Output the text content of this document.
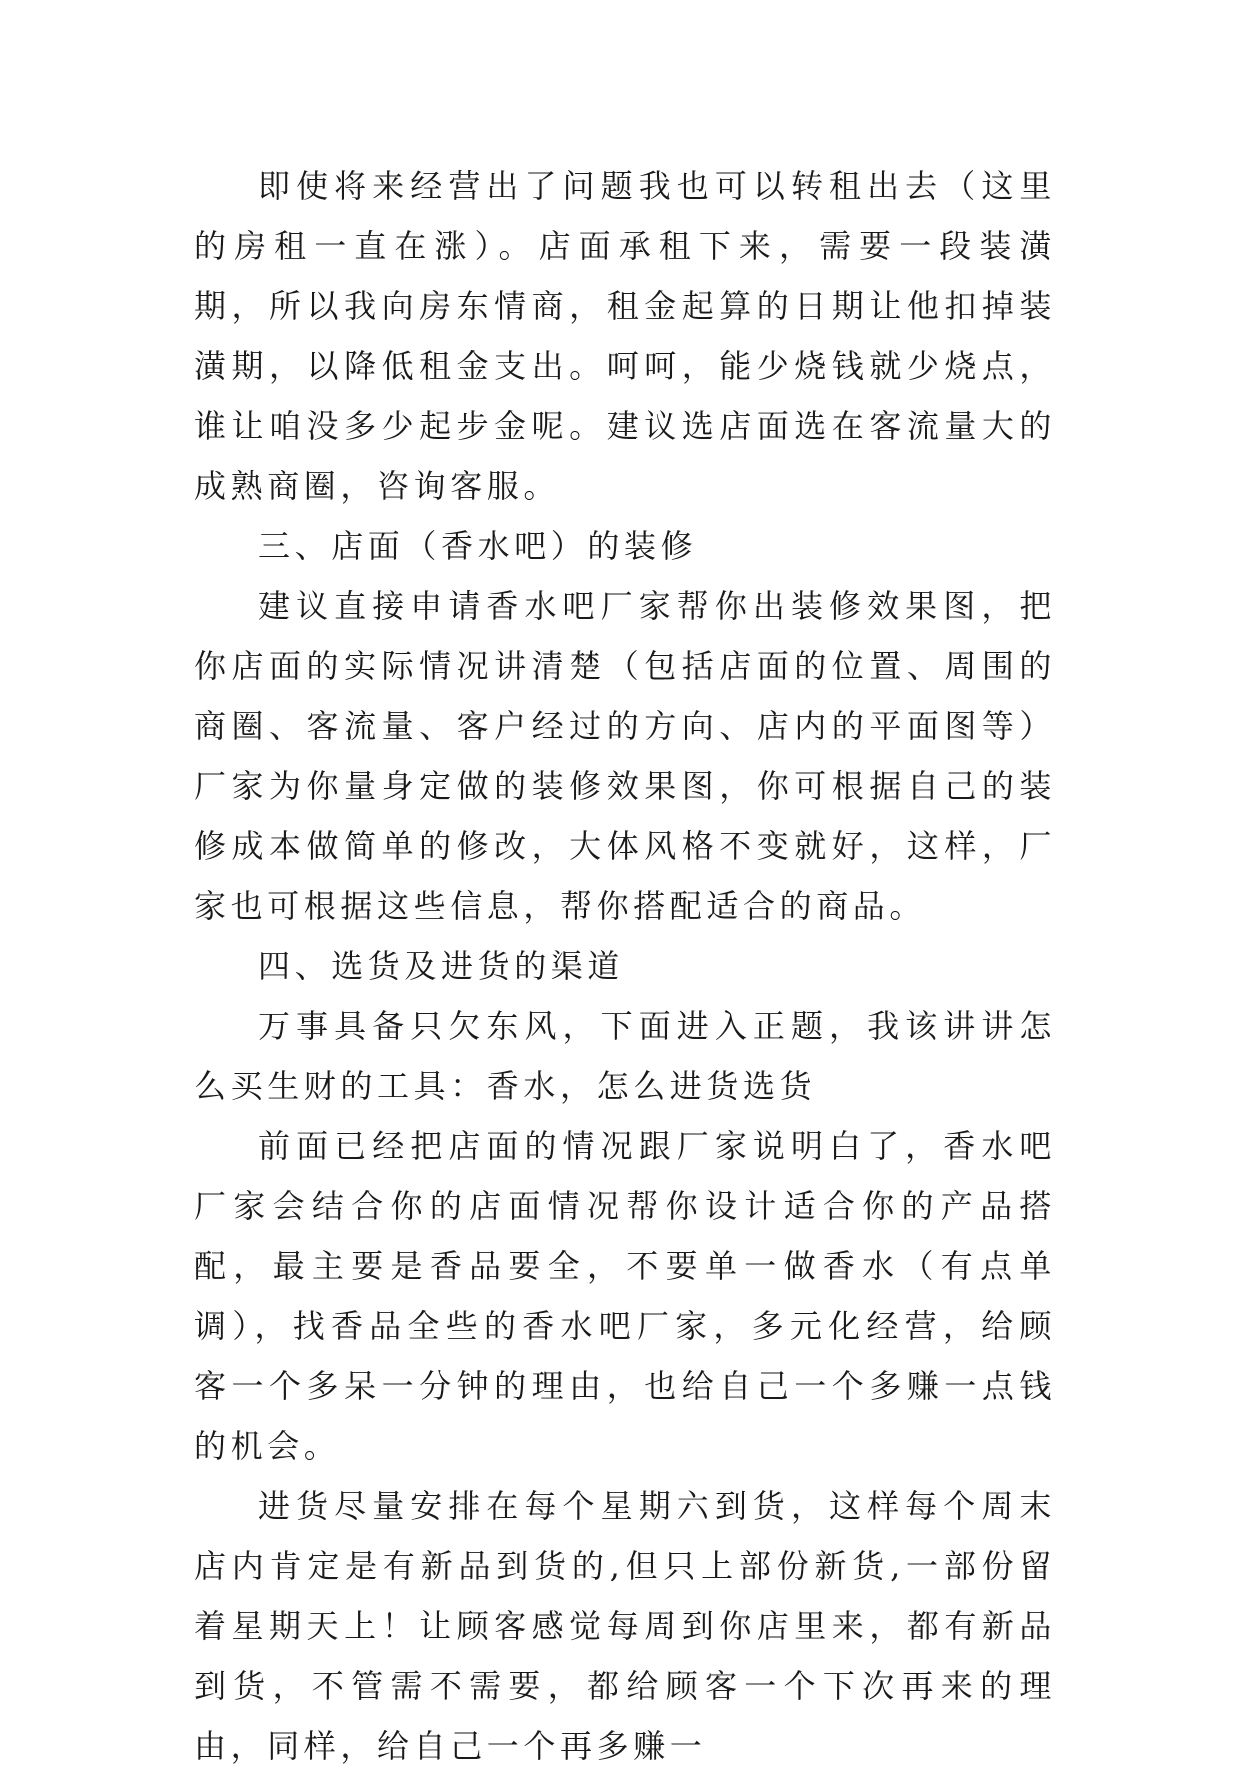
即使将来经营出了问题我也可以转租出去（这里的房租一直在涨）。店面承租下来，需要一段装潢期，所以我向房东情商，租金起算的日期让他扣掉装潢期，以降低租金支出。呵呵，能少烧钱就少烧点，谁让咱没多少起步金呢。建议选店面选在客流量大的成熟商圈，咨询客服。

三、店面（香水吧）的装修

建议直接申请香水吧厂家帮你出装修效果图，把你店面的实际情况讲清楚（包括店面的位置、周围的商圈、客流量、客户经过的方向、店内的平面图等）厂家为你量身定做的装修效果图，你可根据自己的装修成本做简单的修改，大体风格不变就好，这样，厂家也可根据这些信息，帮你搭配适合的商品。

四、选货及进货的渠道

万事具备只欠东风，下面进入正题，我该讲讲怎么买生财的工具：香水，怎么进货选货

前面已经把店面的情况跟厂家说明白了，香水吧厂家会结合你的店面情况帮你设计适合你的产品搭配，最主要是香品要全，不要单一做香水（有点单调），找香品全些的香水吧厂家，多元化经营，给顾客一个多呆一分钟的理由，也给自己一个多赚一点钱的机会。

进货尽量安排在每个星期六到货，这样每个周末店内肯定是有新品到货的,但只上部份新货,一部份留着星期天上！让顾客感觉每周到你店里来，都有新品到货，不管需不需要，都给顾客一个下次再来的理由，同样，给自己一个再多赚一
